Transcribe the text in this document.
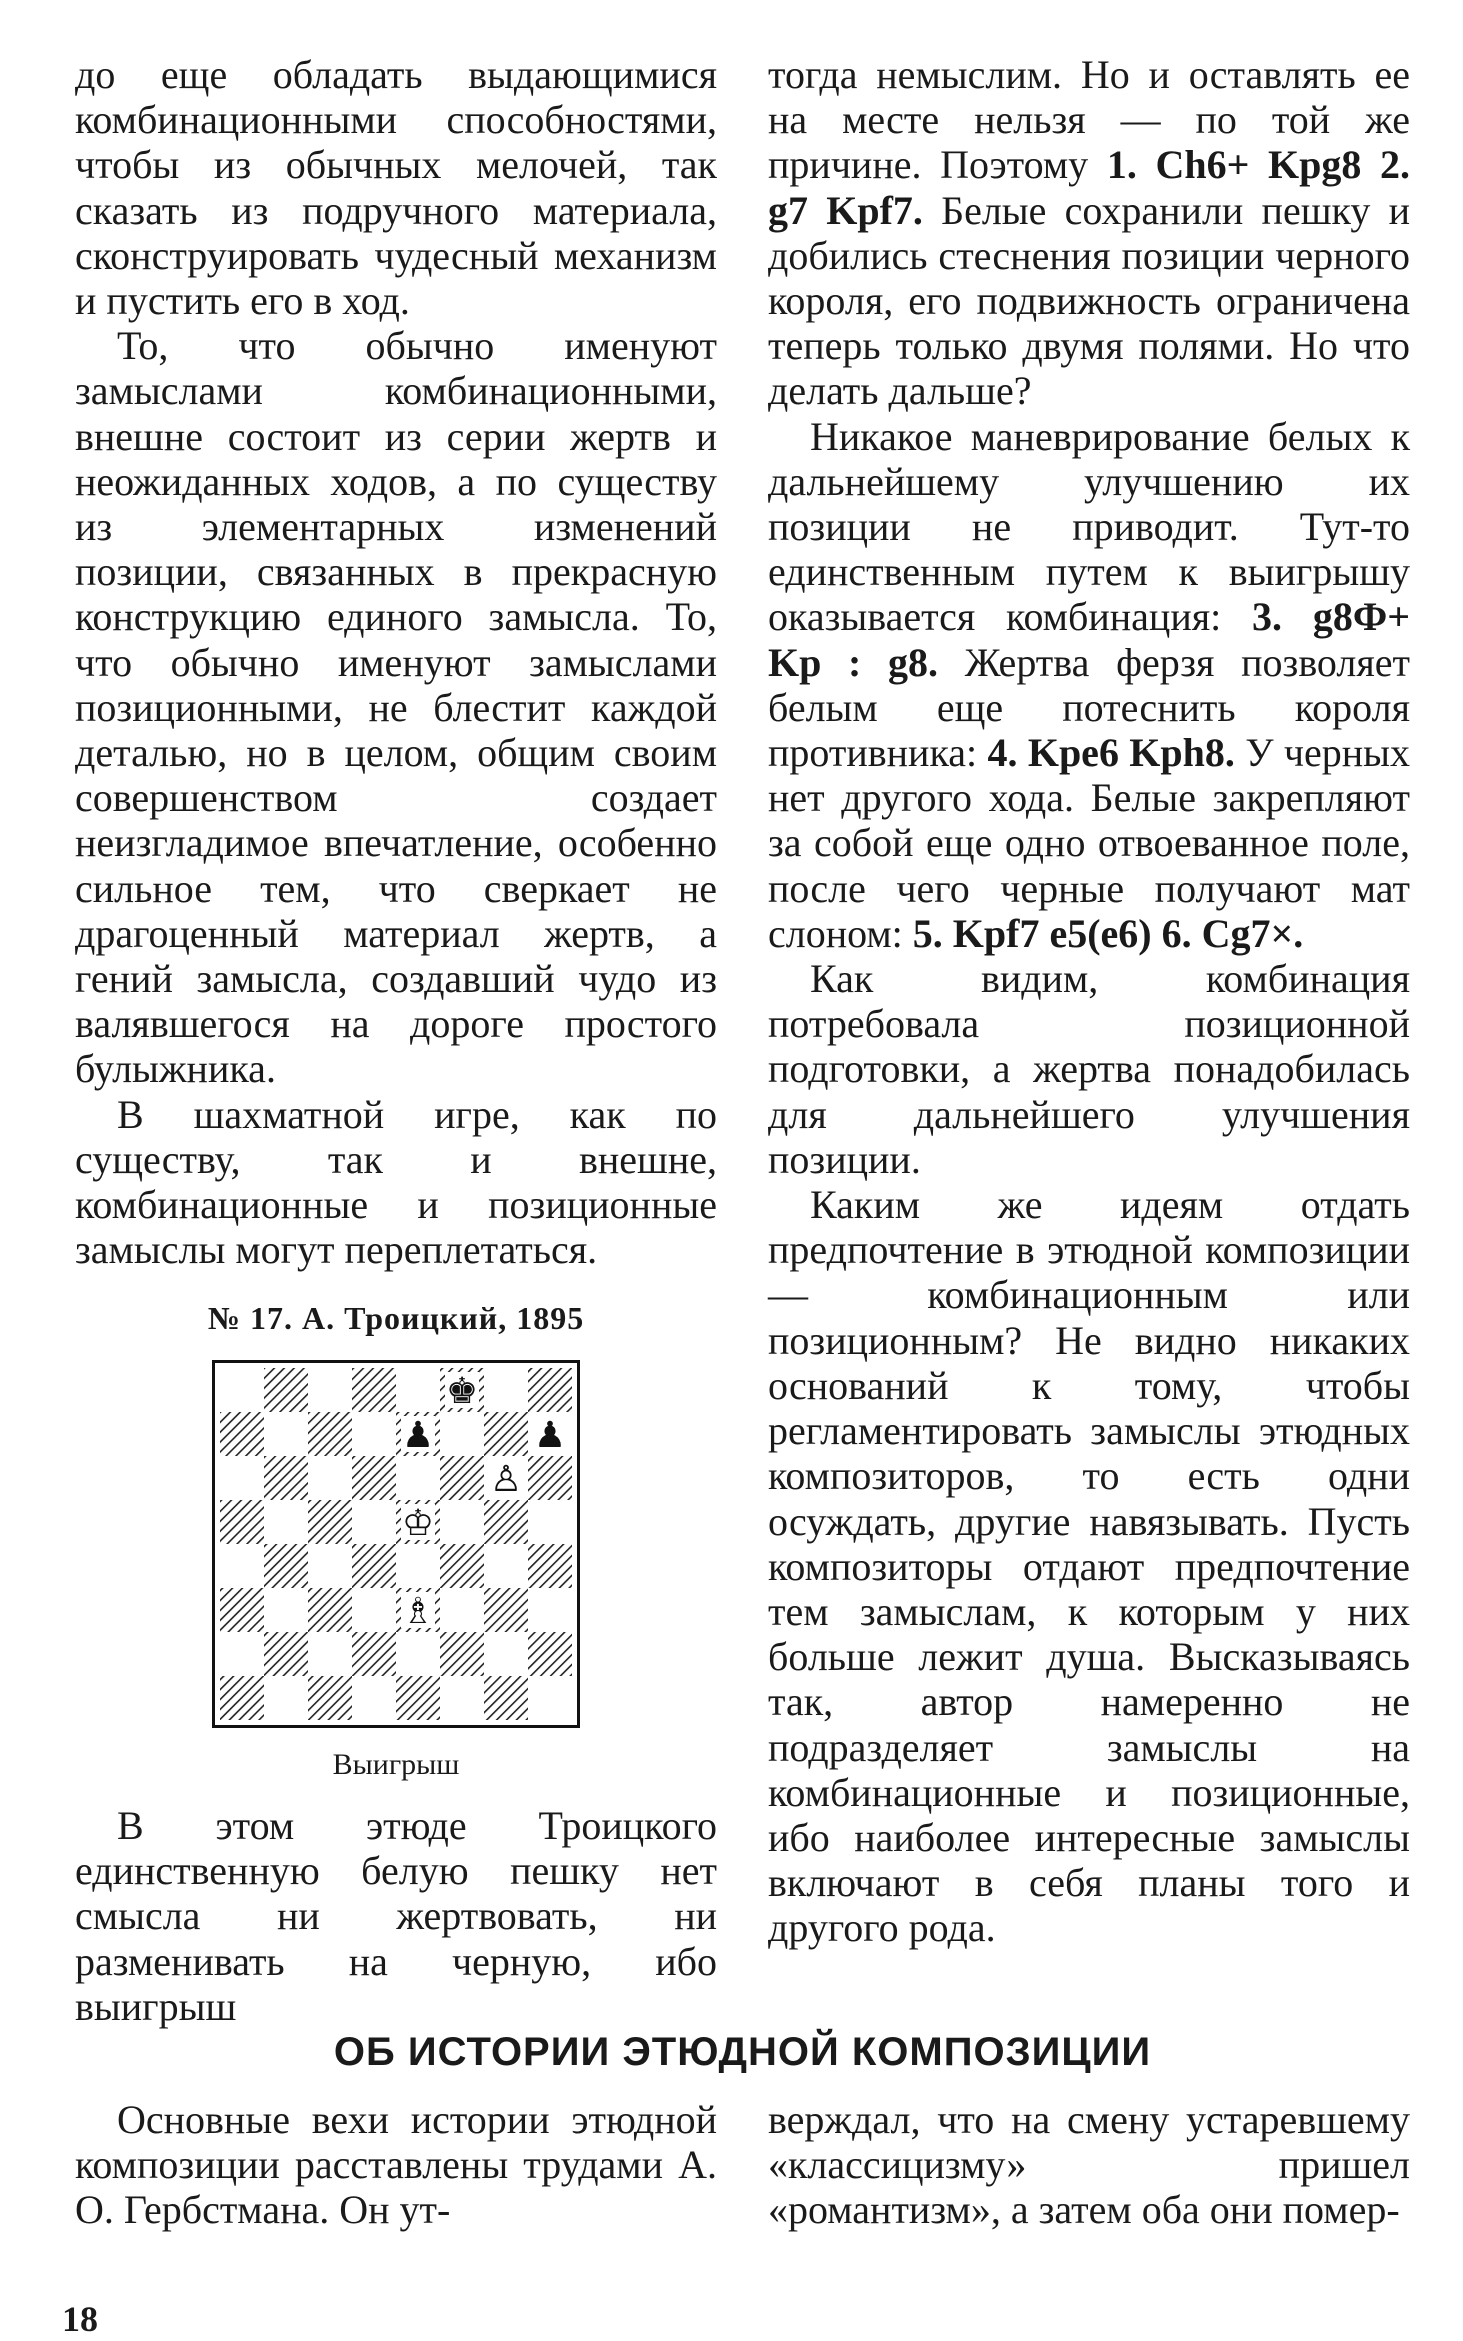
до еще обладать выдающимися комбинационными способностями, чтобы из обычных мелочей, так сказать из подручного материала, сконструировать чудесный механизм и пустить его в ход.

То, что обычно именуют замыслами комбинационными, внешне состоит из серии жертв и неожиданных ходов, а по существу из элементарных изменений позиции, связанных в прекрасную конструкцию единого замысла. То, что обычно именуют замыслами позиционными, не блестит каждой деталью, но в целом, общим своим совершенством создает неизгладимое впечатление, особенно сильное тем, что сверкает не драгоценный материал жертв, а гений замысла, создавший чудо из валявшегося на дороге простого булыжника.

В шахматной игре, как по существу, так и внешне, комбинационные и позиционные замыслы могут переплетаться.

№ 17. А. Троицкий, 1895
♚
♟	♟
♙
♔
♗
Выигрыш

В этом этюде Троицкого единственную белую пешку нет смысла ни жертвовать, ни разменивать на черную, ибо выигрыш

тогда немыслим. Но и оставлять ее на месте нельзя — по той же причине. Поэтому 1. Ch6+ Kpg8 2. g7 Kpf7. Белые сохранили пешку и добились стеснения позиции черного короля, его подвижность ограничена теперь только двумя полями. Но что делать дальше?

Никакое маневрирование белых к дальнейшему улучшению их позиции не приводит. Тут-то единственным путем к выигрышу оказывается комбинация: 3. g8Ф+ Kp : g8. Жертва ферзя позволяет белым еще потеснить короля противника: 4. Kpe6 Kph8. У черных нет другого хода. Белые закрепляют за собой еще одно отвоеванное поле, после чего черные получают мат слоном: 5. Kpf7 e5(e6) 6. Cg7×.

Как видим, комбинация потребовала позиционной подготовки, а жертва понадобилась для дальнейшего улучшения позиции.

Каким же идеям отдать предпочтение в этюдной композиции — комбинационным или позиционным? Не видно никаких оснований к тому, чтобы регламентировать замыслы этюдных композиторов, то есть одни осуждать, другие навязывать. Пусть композиторы отдают предпочтение тем замыслам, к которым у них больше лежит душа. Высказываясь так, автор намеренно не подразделяет замыслы на комбинационные и позиционные, ибо наиболее интересные замыслы включают в себя планы того и другого рода.

ОБ ИСТОРИИ ЭТЮДНОЙ КОМПОЗИЦИИ

Основные вехи истории этюдной композиции расставлены трудами А. О. Гербстмана. Он ут-

верждал, что на смену устаревшему «классицизму» пришел «романтизм», а затем оба они помер-

18
